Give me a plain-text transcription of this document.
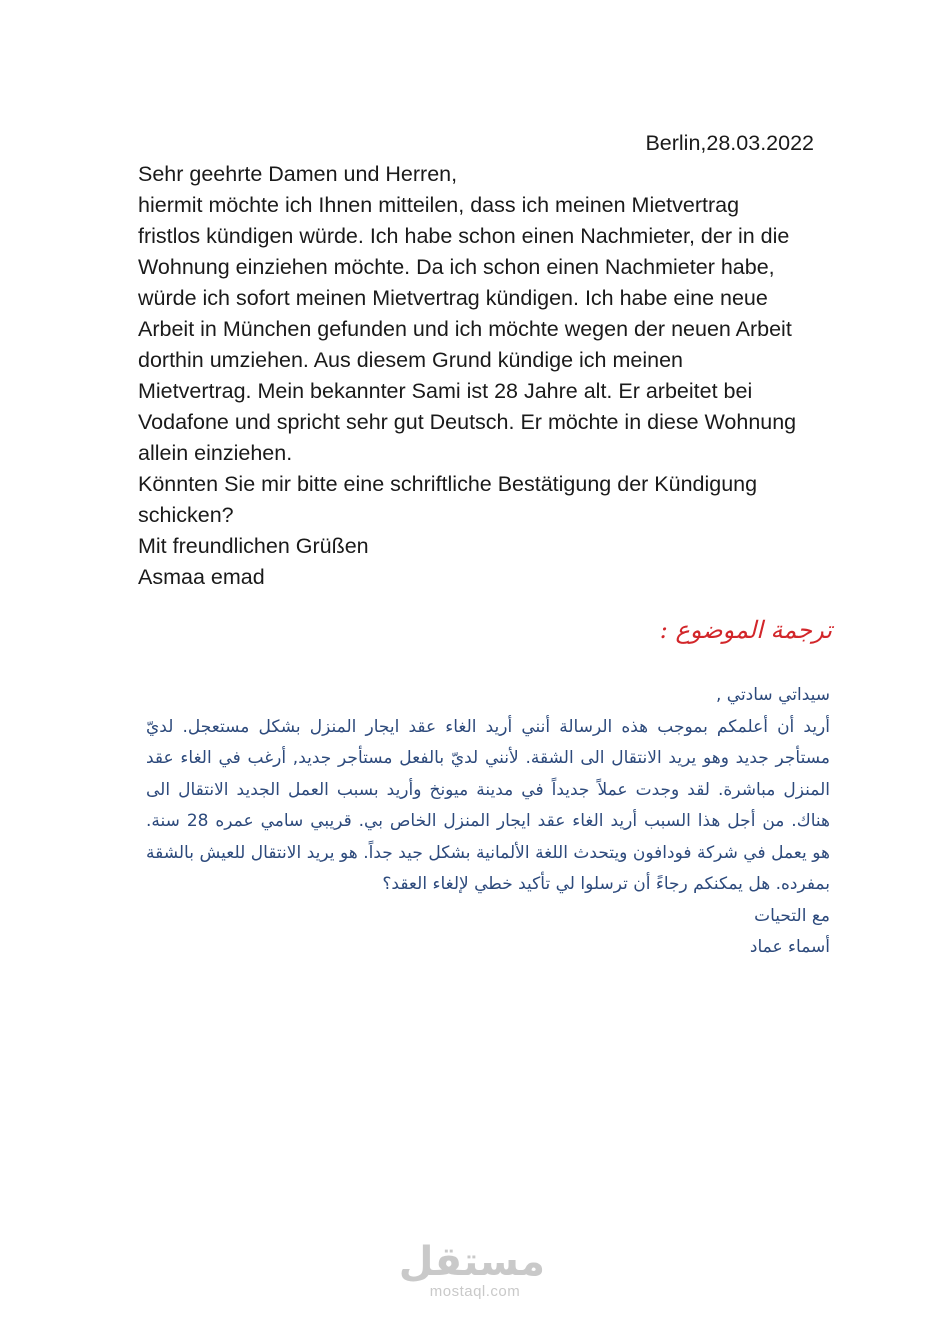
Berlin,28.03.2022
Sehr geehrte Damen und Herren,
hiermit möchte ich Ihnen mitteilen, dass ich meinen Mietvertrag
fristlos kündigen würde. Ich habe schon einen Nachmieter, der in die
Wohnung einziehen möchte. Da ich schon einen Nachmieter habe,
würde ich sofort meinen Mietvertrag kündigen. Ich habe eine neue
Arbeit in München gefunden und ich möchte wegen der neuen Arbeit
dorthin umziehen. Aus diesem Grund kündige ich meinen
Mietvertrag. Mein bekannter Sami ist 28 Jahre alt. Er arbeitet bei
Vodafone und spricht sehr gut Deutsch. Er möchte in diese Wohnung
allein einziehen.
Könnten Sie mir bitte eine schriftliche Bestätigung der Kündigung
schicken?
Mit freundlichen Grüßen
Asmaa emad
ترجمة الموضوع :
سيداتي سادتي ,
أريد أن أعلمكم بموجب هذه الرسالة أنني أريد الغاء عقد ايجار المنزل بشكل مستعجل. لديّ
مستأجر جديد وهو يريد الانتقال الى الشقة. لأنني لديّ بالفعل مستأجر جديد, أرغب في الغاء عقد
المنزل مباشرة. لقد وجدت عملاً جديداً في مدينة ميونخ وأريد بسبب العمل الجديد الانتقال الى
هناك. من أجل هذا السبب أريد الغاء عقد ايجار المنزل الخاص بي. قريبي سامي عمره 28 سنة.
هو يعمل في شركة فودافون ويتحدث اللغة الألمانية بشكل جيد جداً. هو يريد الانتقال للعيش بالشقة
بمفرده. هل يمكنكم رجاءً أن ترسلوا لي تأكيد خطي لإلغاء العقد؟
مع التحيات
أسماء عماد
مستقل
mostaql.com
